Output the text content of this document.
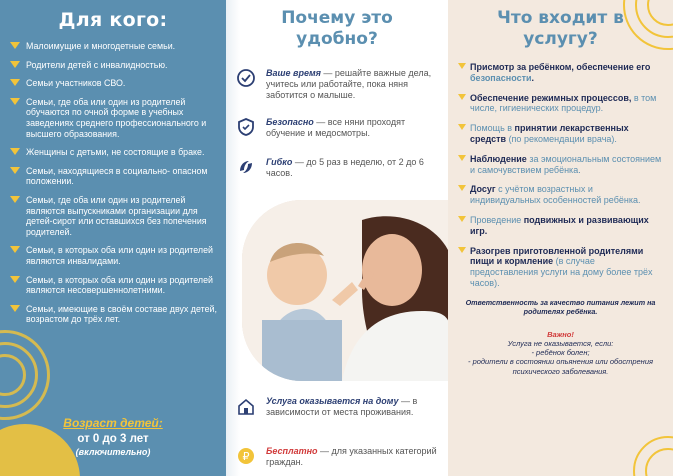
Для кого:
Малоимущие и многодетные семьи.
Родители детей с инвалидностью.
Семьи участников СВО.
Семьи, где оба или один из родителей обучаются по очной форме в учебных заведениях среднего профессионального и высшего образования.
Женщины с детьми, не состоящие в браке.
Семьи, находящиеся в социально- опасном положении.
Семьи, где оба или один из родителей являются выпускниками организации для детей-сирот или оставшихся без попечения родителей.
Семьи, в которых оба или один из родителей являются инвалидами.
Семьи, в которых оба или один из родителей являются несовершеннолетними.
Семьи, имеющие в своём составе двух детей, возрастом до трёх лет.
Возраст детей:
от 0 до 3 лет
(включительно)
Почему это
удобно?
Ваше время — решайте важные дела, учитесь или работайте, пока няня заботится о малыше.
Безопасно — все няни проходят обучение и медосмотры.
Гибко — до 5 раз в неделю, от 2 до 6 часов.
Услуга оказывается на дому — в зависимости от места проживания.
₽ Бесплатно — для указанных категорий граждан.
Что входит в
услугу?
Присмотр за ребёнком, обеспечение его безопасности.
Обеспечение режимных процессов, в том числе, гигиенических процедур.
Помощь в принятии лекарственных средств (по рекомендации врача).
Наблюдение за эмоциональным состоянием и самочувствием ребёнка.
Досуг с учётом возрастных и индивидуальных особенностей ребёнка.
Проведение подвижных и развивающих игр.
Разогрев приготовленной родителями пищи и кормление (в случае предоставления услуги на дому более трёх часов).
Ответственность за качество питания лежит на родителях ребёнка.
Важно!
Услуга не оказывается, если:
- ребёнок болен;
- родители в состоянии опьянения или обострения психического заболевания.
